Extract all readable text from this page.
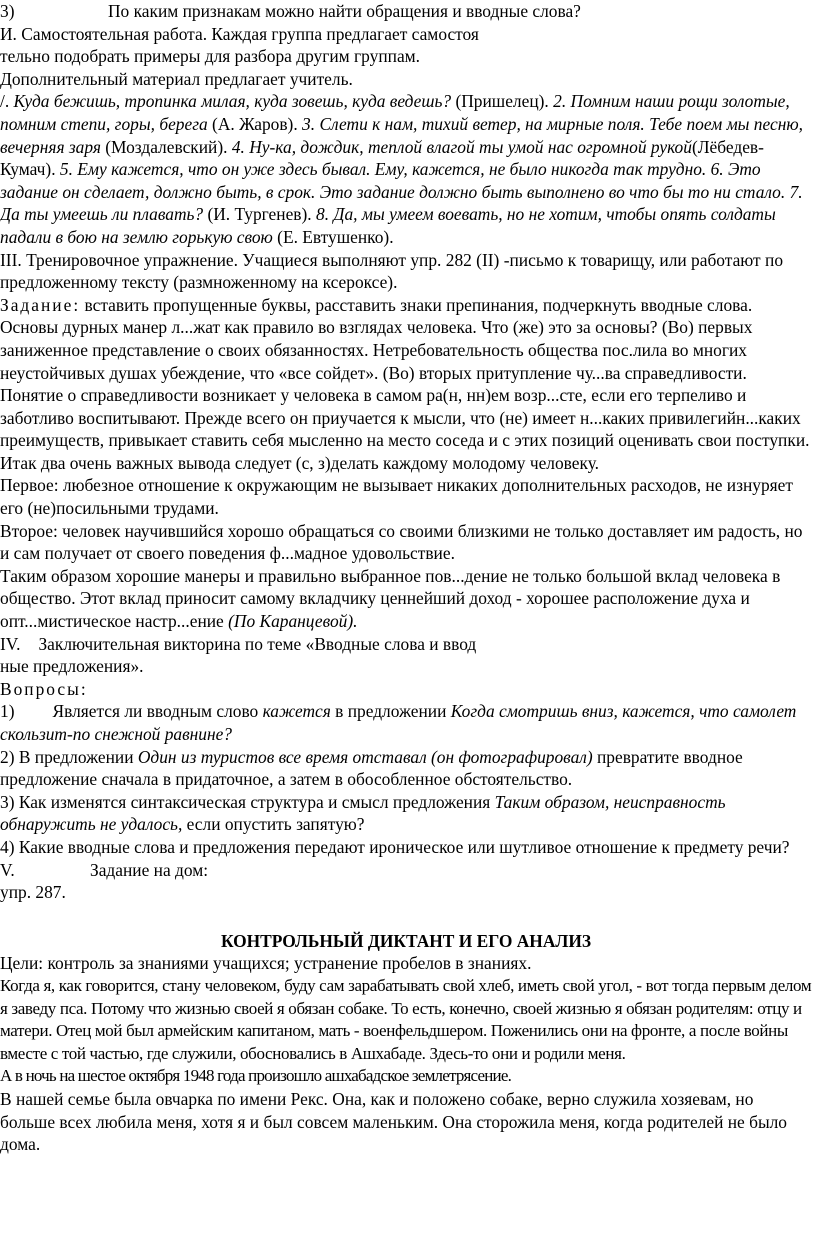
3)	По каким признакам можно найти обращения и вводные слова?

И. Самостоятельная работа. Каждая группа предлагает самостоя
тельно подобрать примеры для разбора другим группам.
Дополнительный материал предлагает учитель.

/. Куда бежишь, тропинка милая, куда зовешь, куда ведешь? (Пришелец). 2. Помним наши рощи золотые, помним степи, горы, берега (А. Жаров). 3. Слети к нам, тихий ветер, на мирные поля. Тебе поем мы песню, вечерняя заря (Моздалевский). 4. Ну-ка, дождик, теплой влагой ты умой нас огромной рукой(Лёбедев-Кумач). 5. Ему кажется, что он уже здесь бывал. Ему, кажется, не было никогда так трудно. 6. Это задание он сделает, должно быть, в срок. Это задание должно быть выполнено во что бы то ни стало. 7. Да ты умеешь ли плавать? (И. Тургенев). 8. Да, мы умеем воевать, но не хотим, чтобы опять солдаты падали в бою на землю горькую свою (Е. Евтушенко).

III. Тренировочное упражнение. Учащиеся выполняют упр. 282 (II) -письмо к товарищу, или работают по предложенному тексту (размноженному на ксероксе).

Задание: вставить пропущенные буквы, расставить знаки препинания, подчеркнуть вводные слова.

Основы дурных манер л...жат как правило во взглядах человека. Что (же) это за основы? (Во) первых заниженное представление о своих обязанностях. Нетребовательность общества пос.лила во многих неустойчивых душах убеждение, что «все сойдет». (Во) вторых притупление чу...ва справедливости. Понятие о справедливости возникает у человека в самом ра(н, нн)ем возр...сте, если его терпеливо и заботливо воспитывают. Прежде всего он приучается к мысли, что (не) имеет н...каких привилегийн...каких преимуществ, привыкает ставить себя мысленно на место соседа и с этих позиций оценивать свои поступки.

Итак два очень важных вывода следует (с, з)делать каждому молодому человеку.

Первое: любезное отношение к окружающим не вызывает никаких дополнительных расходов, не изнуряет его (не)посильными трудами.

Второе: человек научившийся хорошо обращаться со своими близкими не только доставляет им радость, но и сам получает от своего поведения ф...мадное удовольствие.

Таким образом хорошие манеры и правильно выбранное пов...дение не только большой вклад человека в общество. Этот вклад приносит самому вкладчику ценнейший доход - хорошее расположение духа и опт...мистическое настр...ение (По Каранцевой).

IV. Заключительная викторина по теме «Вводные слова и ввод
ные предложения».

Вопросы:

1) Является ли вводным слово кажется в предложении Когда смотришь вниз, кажется, что самолет скользит-по снежной равнине?

2) В предложении Один из туристов все время отставал (он фотографировал) превратите вводное предложение сначала в придаточное, а затем в обособленное обстоятельство.

3) Как изменятся синтаксическая структура и смысл предложения Таким образом, неисправность обнаружить не удалось, если опустить запятую?

4) Какие вводные слова и предложения передают ироническое или шутливое отношение к предмету речи?

V.	Задание на дом:
упр. 287.

КОНТРОЛЬНЫЙ ДИКТАНТ И ЕГО АНАЛИЗ

Цели: контроль за знаниями учащихся; устранение пробелов в знаниях.

Когда я, как говорится, стану человеком, буду сам зарабатывать свой хлеб, иметь свой угол, - вот тогда первым делом я заведу пса. Потому что жизнью своей я обязан собаке. То есть, конечно, своей жизнью я обязан родителям: отцу и матери. Отец мой был армейским капитаном, мать - военфельдшером. Поженились они на фронте, а после войны вместе с той частью, где служили, обосновались в Ашхабаде. Здесь-то они и родили меня.

А в ночь на шестое октября 1948 года произошло ашхабадское землетрясение.

В нашей семье была овчарка по имени Рекс. Она, как и положено собаке, верно служила хозяевам, но больше всех любила меня, хотя я и был совсем маленьким. Она сторожила меня, когда родителей не было дома.
